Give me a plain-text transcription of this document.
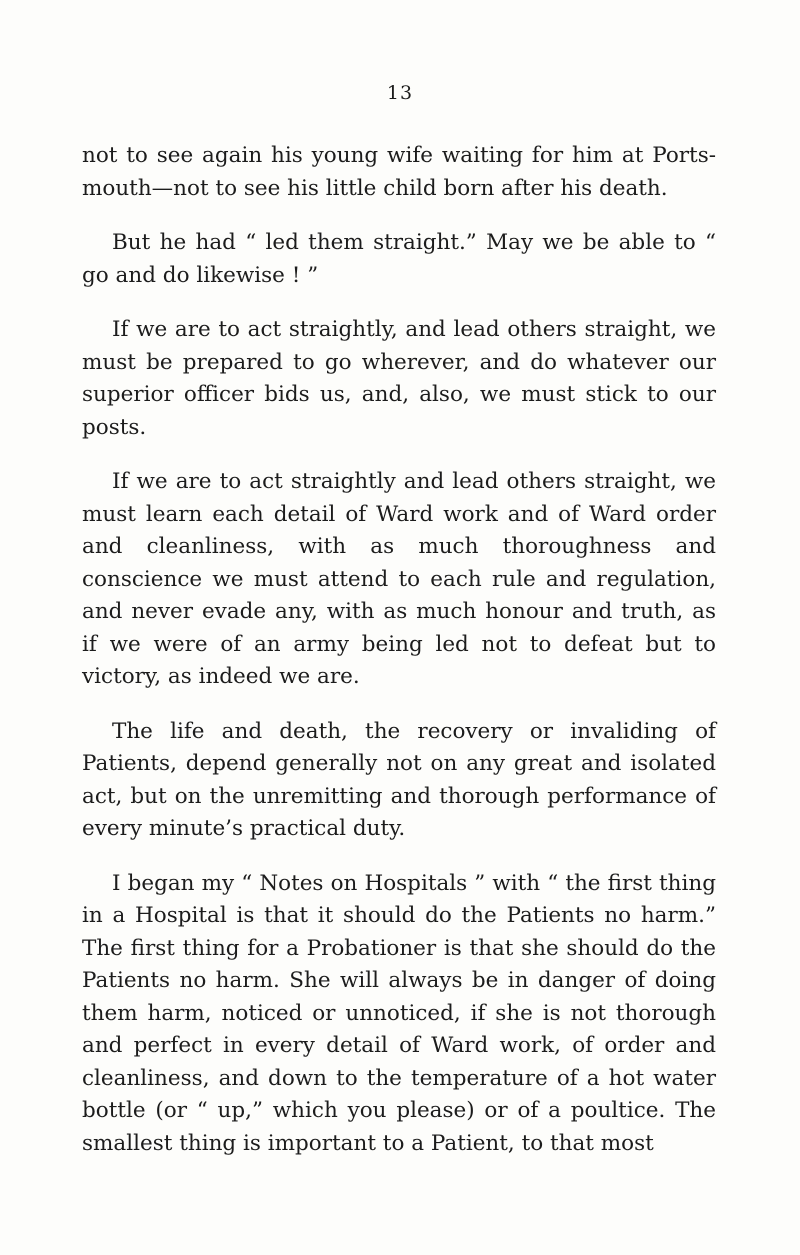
13

not to see again his young wife waiting for him at Portsmouth—not to see his little child born after his death.

But he had “ led them straight.” May we be able to “ go and do likewise ! ”

If we are to act straightly, and lead others straight, we must be prepared to go wherever, and do whatever our superior officer bids us, and, also, we must stick to our posts.

If we are to act straightly and lead others straight, we must learn each detail of Ward work and of Ward order and cleanliness, with as much thoroughness and conscience we must attend to each rule and regulation, and never evade any, with as much honour and truth, as if we were of an army being led not to defeat but to victory, as indeed we are.

The life and death, the recovery or invaliding of Patients, depend generally not on any great and isolated act, but on the unremitting and thorough performance of every minute’s practical duty.

I began my “ Notes on Hospitals ” with “ the first thing in a Hospital is that it should do the Patients no harm.” The first thing for a Probationer is that she should do the Patients no harm. She will always be in danger of doing them harm, noticed or unnoticed, if she is not thorough and perfect in every detail of Ward work, of order and cleanliness, and down to the temperature of a hot water bottle (or “ up,” which you please) or of a poultice. The smallest thing is important to a Patient, to that most
